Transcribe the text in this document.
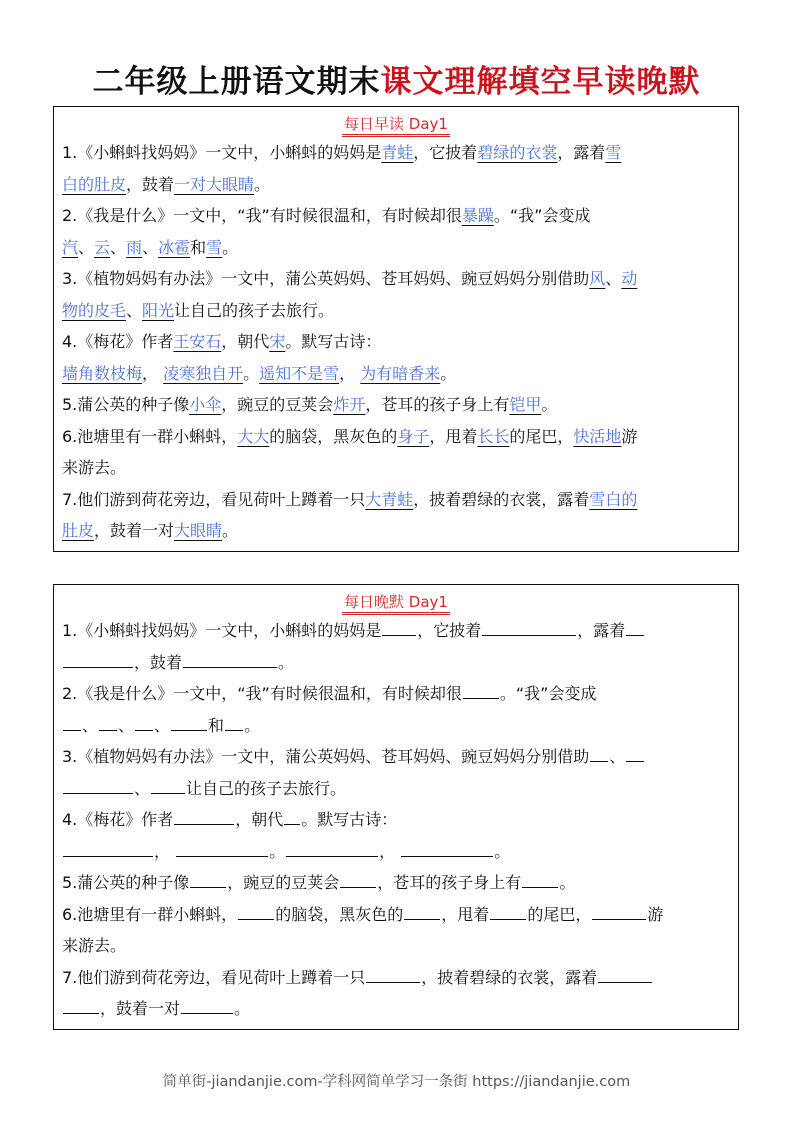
二年级上册语文期末课文理解填空早读晚默
每日早读 Day1
1.《小蝌蚪找妈妈》一文中，小蝌蚪的妈妈是青蛙，它披着碧绿的衣裳，露着雪
白的肚皮，鼓着一对大眼睛。
2.《我是什么》一文中，“我”有时候很温和，有时候却很暴躁。“我”会变成
汽、云、雨、冰雹和雪。
3.《植物妈妈有办法》一文中，蒲公英妈妈、苍耳妈妈、豌豆妈妈分别借助风、动
物的皮毛、阳光让自己的孩子去旅行。
4.《梅花》作者王安石，朝代宋。默写古诗：
墙角数枝梅， 凌寒独自开。遥知不是雪， 为有暗香来。
5.蒲公英的种子像小伞，豌豆的豆荚会炸开，苍耳的孩子身上有铠甲。
6.池塘里有一群小蝌蚪，大大的脑袋，黑灰色的身子，甩着长长的尾巴，快活地游
来游去。
7.他们游到荷花旁边，看见荷叶上蹲着一只大青蛙，披着碧绿的衣裳，露着雪白的
肚皮，鼓着一对大眼睛。
每日晚默 Day1
1.《小蝌蚪找妈妈》一文中，小蝌蚪的妈妈是 ，它披着	，露着
，鼓着	。
2.《我是什么》一文中，“我”有时候很温和，有时候却很 。“我”会变成
、 、 、 和 。
3.《植物妈妈有办法》一文中，蒲公英妈妈、苍耳妈妈、豌豆妈妈分别借助 、
、 让自己的孩子去旅行。
4.《梅花》作者	，朝代 。默写古诗：
，	。	，	。
5.蒲公英的种子像 ，豌豆的豆荚会 ，苍耳的孩子身上有 。
6.池塘里有一群小蝌蚪， 的脑袋，黑灰色的 ，甩着 的尾巴，	游
来游去。
7.他们游到荷花旁边，看见荷叶上蹲着一只	，披着碧绿的衣裳，露着
，鼓着一对	。
简单街-jiandanjie.com-学科网简单学习一条街 https://jiandanjie.com
